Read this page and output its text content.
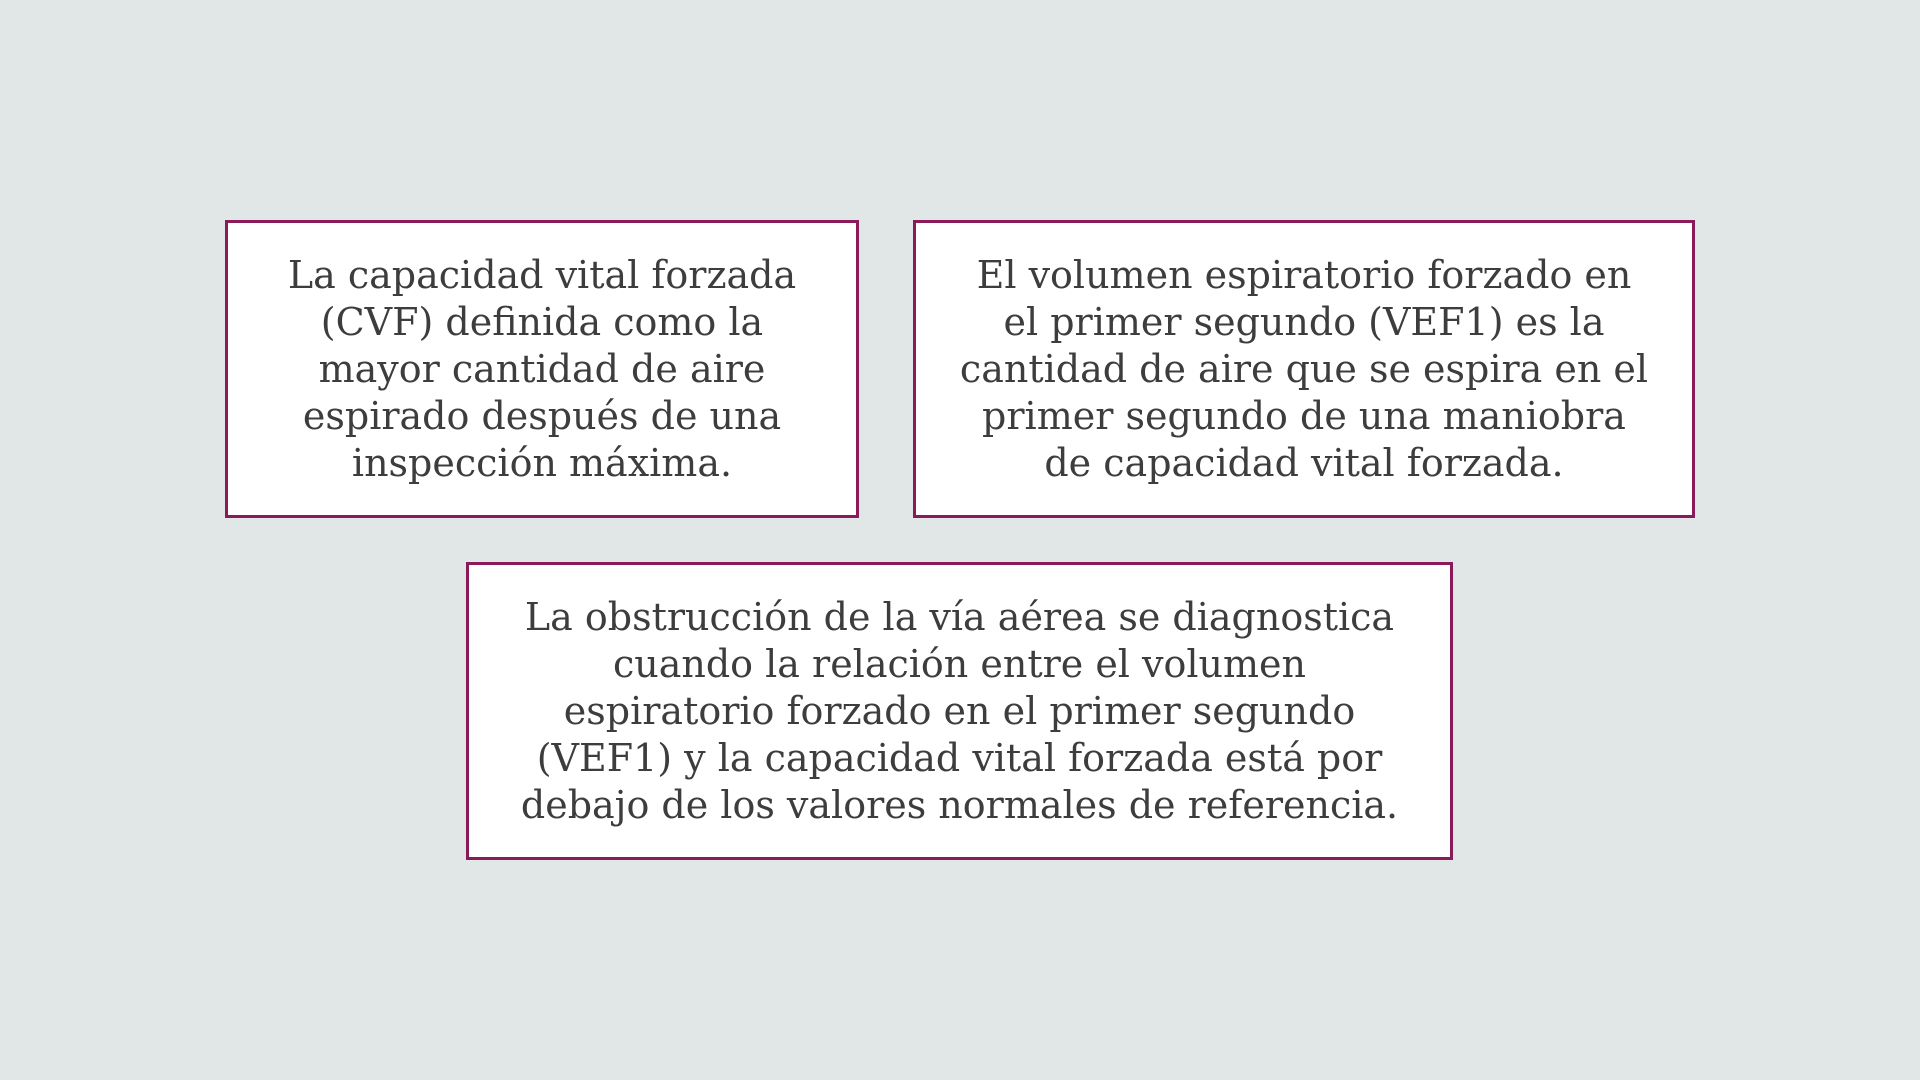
La capacidad vital forzada
(CVF) definida como la
mayor cantidad de aire
espirado después de una
inspección máxima.

El volumen espiratorio forzado en
el primer segundo (VEF1) es la
cantidad de aire que se espira en el
primer segundo de una maniobra
de capacidad vital forzada.

La obstrucción de la vía aérea se diagnostica
cuando la relación entre el volumen
espiratorio forzado en el primer segundo
(VEF1) y la capacidad vital forzada está por
debajo de los valores normales de referencia.
